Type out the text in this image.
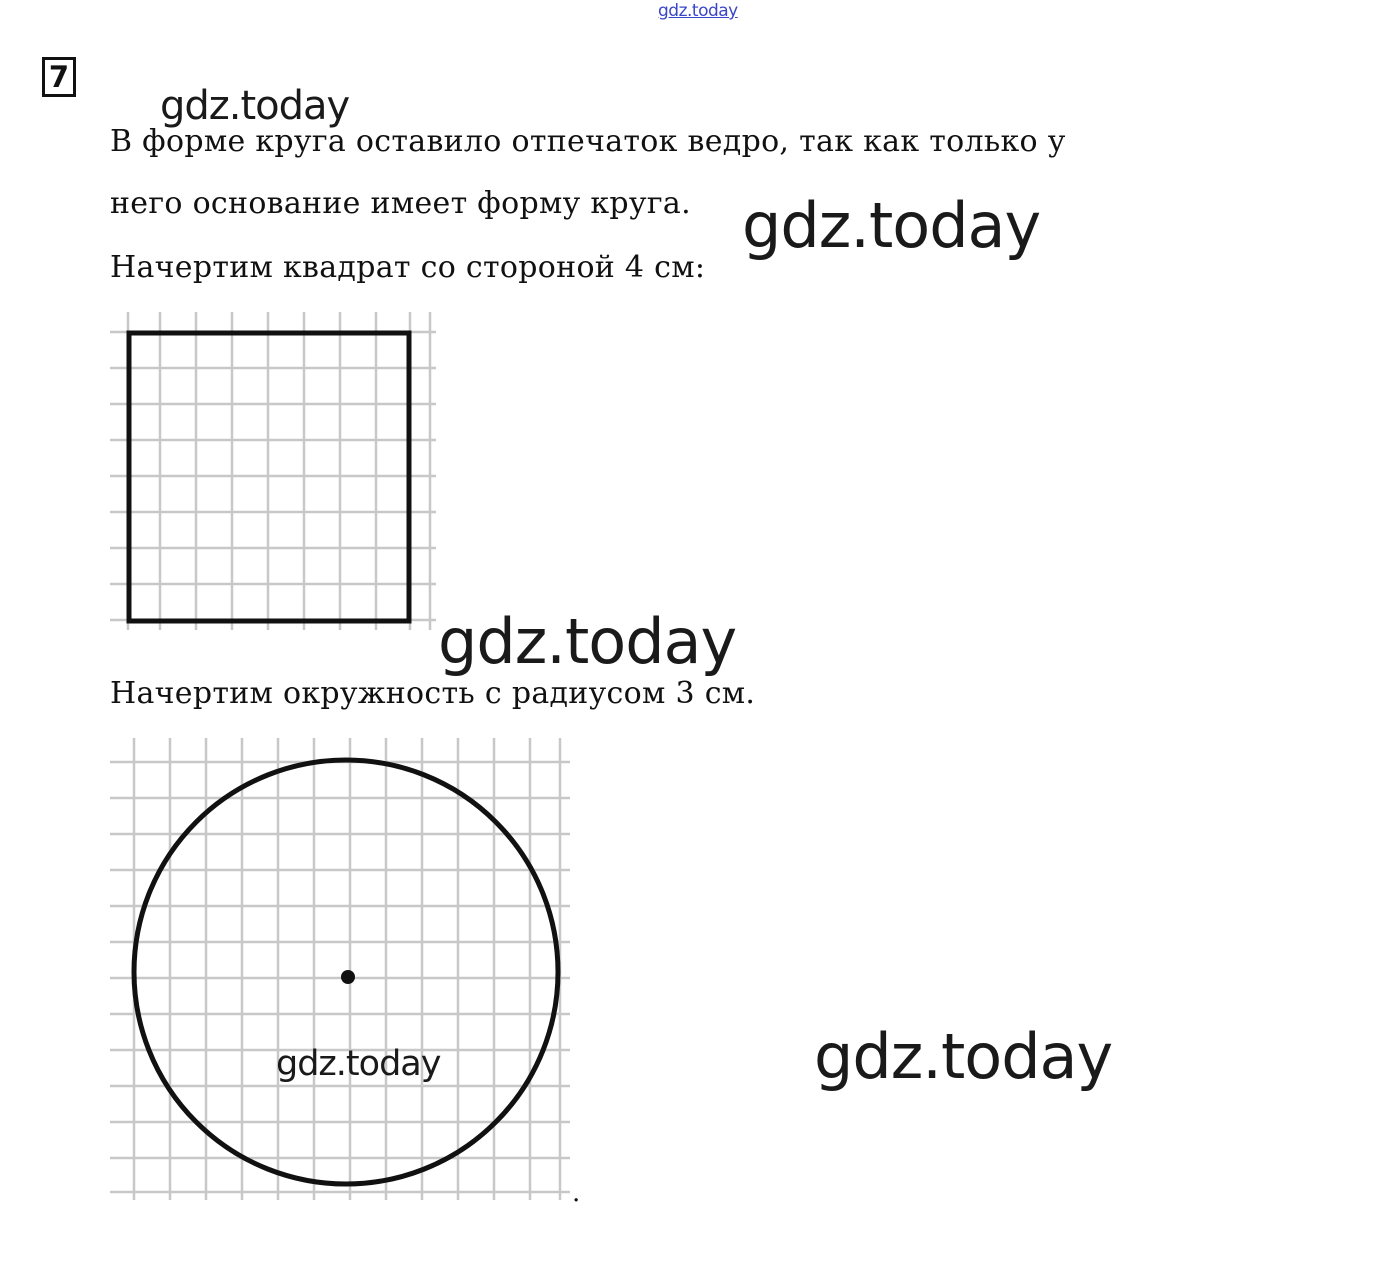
gdz.today
7
В форме круга оставило отпечаток ведро, так как только у
него основание имеет форму круга.
Начертим квадрат со стороной 4 см:
Начертим окружность с радиусом 3 см.
.
gdz.today
gdz.today
gdz.today
gdz.today	gdz.today
